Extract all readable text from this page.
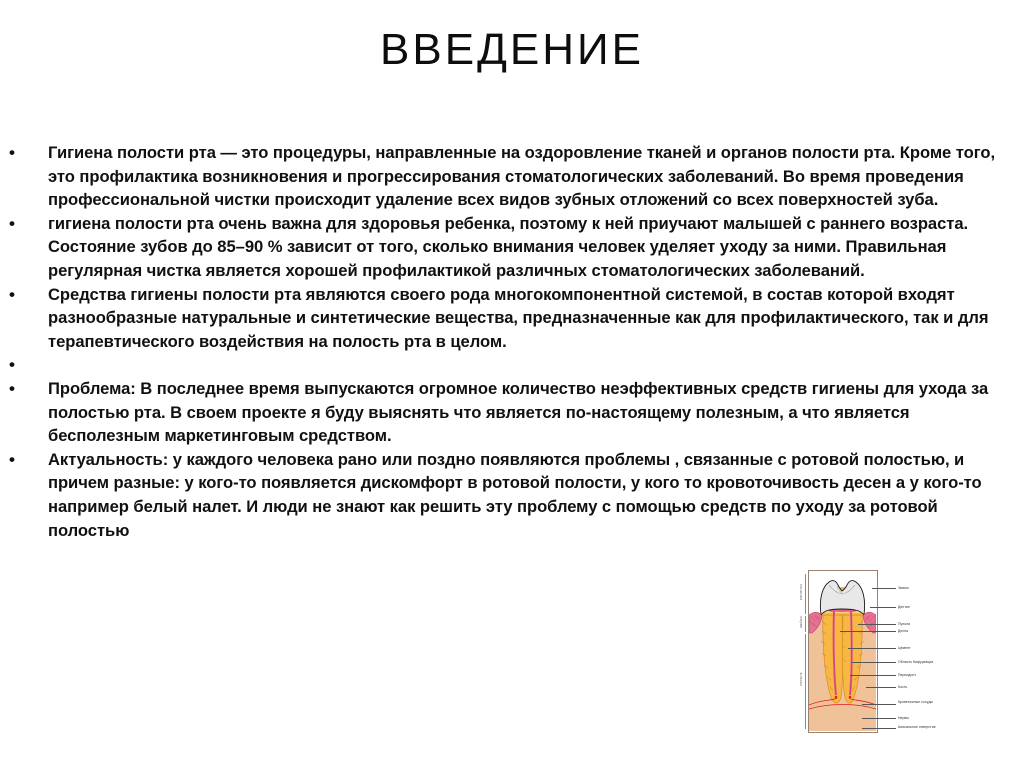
ВВЕДЕНИЕ
•	Гигиена полости рта — это процедуры, направленные на оздоровление тканей и органов полости рта. Кроме того, это профилактика возникновения и прогрессирования стоматологических заболеваний. Во время проведения профессиональной чистки происходит удаление всех видов зубных отложений со всех поверхностей зуба.
•	гигиена полости рта очень важна для здоровья ребенка, поэтому к ней приучают малышей с раннего возраста. Состояние зубов до 85–90 % зависит от того, сколько внимания человек уделяет уходу за ними. Правильная регулярная чистка является хорошей профилактикой различных стоматологических заболеваний.
•	Средства гигиены полости рта являются своего рода многокомпонентной системой, в состав которой входят разнообразные натуральные и синтетические вещества, предназначенные как для профилактического, так и для терапевтического воздействия на полость рта в целом.
•
•	Проблема: В последнее время выпускаются огромное количество неэффективных средств гигиены для ухода за полостью рта. В своем проекте я буду выяснять что является по-настоящему полезным, а что является бесполезным маркетинговым средством.
•	Актуальность: у каждого человека рано или поздно появляются проблемы , связанные с ротовой полостью, и причем разные: у кого-то появляется дискомфорт в ротовой полости, у кого то кровоточивость десен а у кого-то например белый налет. И люди не знают как решить эту проблему с помощью средств по уходу за ротовой полостью
КОРОНКА
ШЕЙКА
КОРЕНЬ
Эмаль
Дентин
Пульпа
Десна
Цемент
Область бифуркации
Периодонт
Кость
Кровеносные сосуды
Нервы
Апикальное отверстие
